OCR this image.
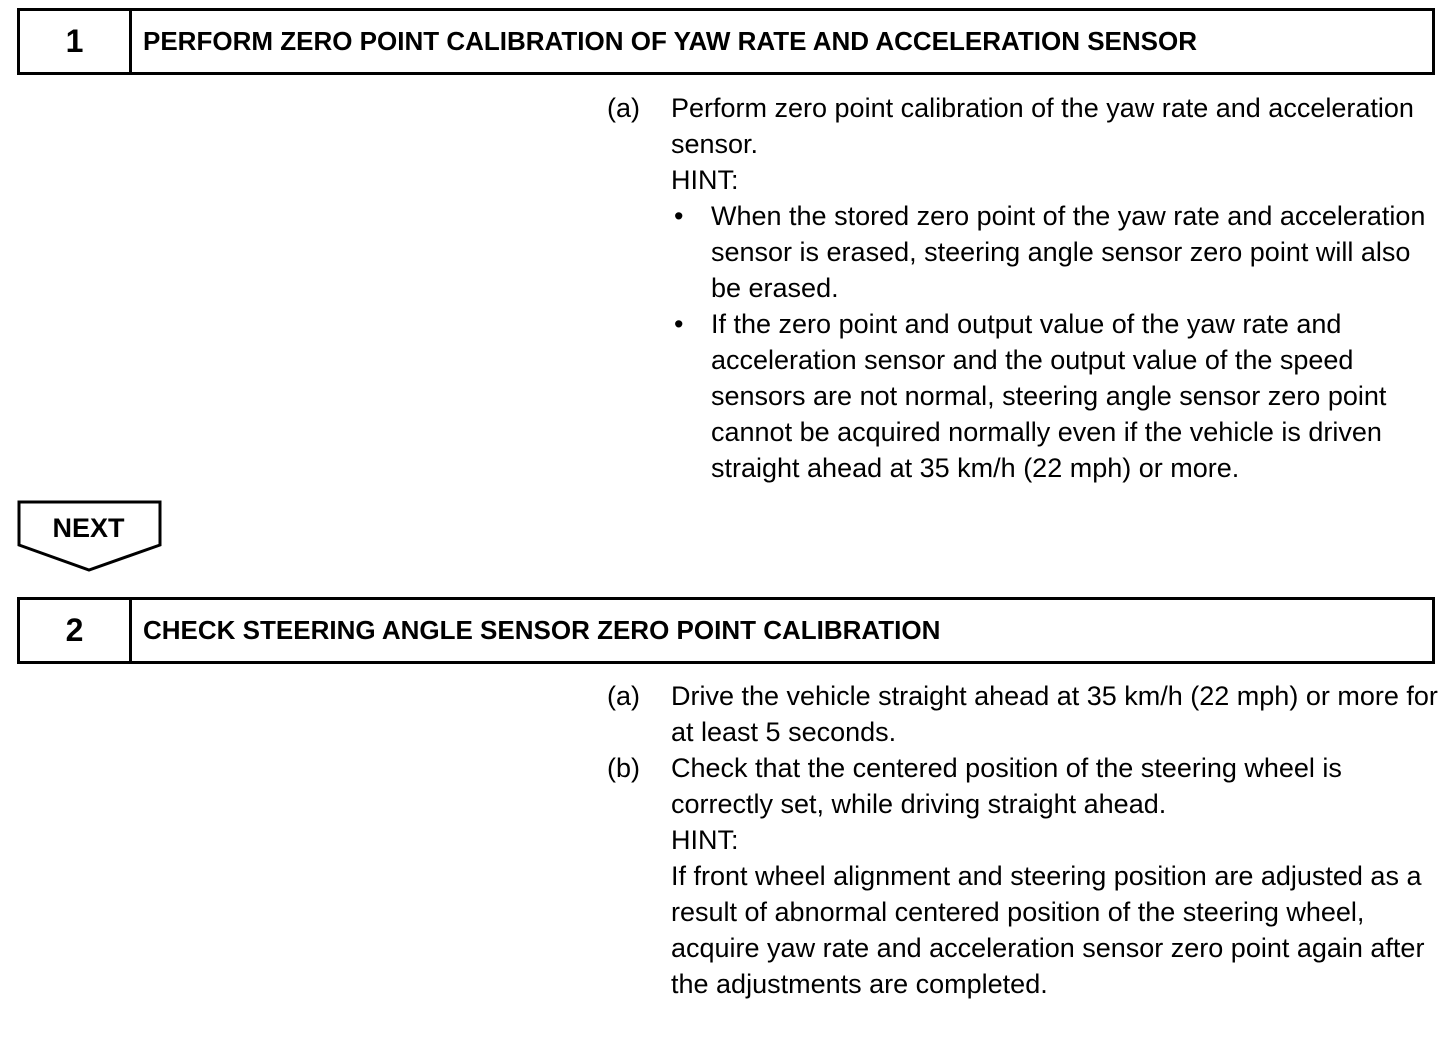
1	PERFORM ZERO POINT CALIBRATION OF YAW RATE AND ACCELERATION SENSOR
(a)	Perform zero point calibration of the yaw rate and acceleration sensor.
HINT:
•	When the stored zero point of the yaw rate and acceleration sensor is erased, steering angle sensor zero point will also be erased.
•	If the zero point and output value of the yaw rate and acceleration sensor and the output value of the speed sensors are not normal, steering angle sensor zero point cannot be acquired normally even if the vehicle is driven straight ahead at 35 km/h (22 mph) or more.
NEXT
2	CHECK STEERING ANGLE SENSOR ZERO POINT CALIBRATION
(a)	Drive the vehicle straight ahead at 35 km/h (22 mph) or more for at least 5 seconds.
(b)	Check that the centered position of the steering wheel is correctly set, while driving straight ahead.
HINT:
If front wheel alignment and steering position are adjusted as a result of abnormal centered position of the steering wheel, acquire yaw rate and acceleration sensor zero point again after the adjustments are completed.
